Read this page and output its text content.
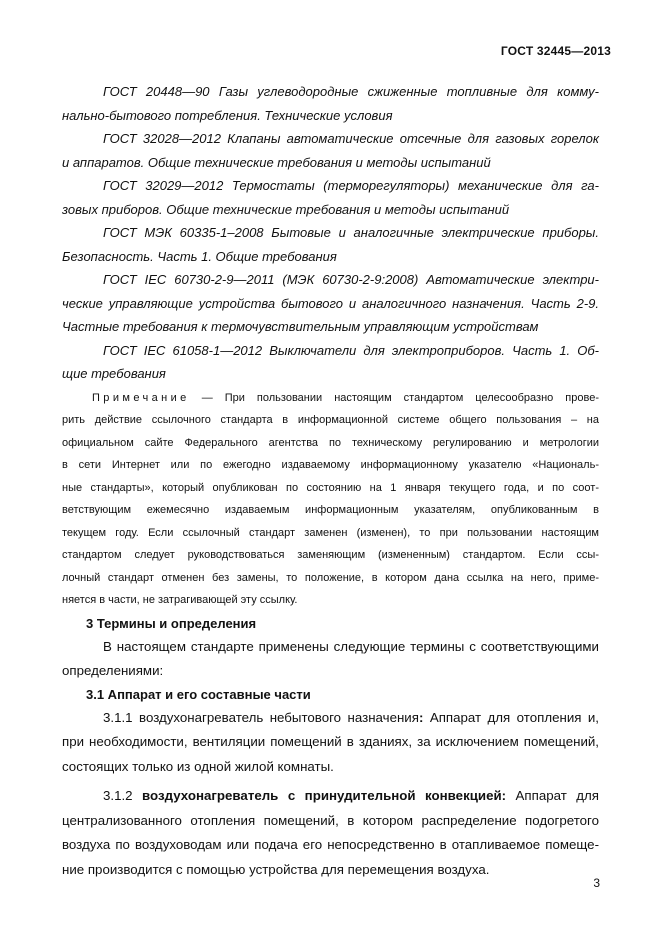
ГОСТ 32445—2013

ГОСТ 20448—90 Газы углеводородные сжиженные топливные для комму-
нально-бытового потребления. Технические условия

ГОСТ 32028—2012 Клапаны автоматические отсечные для газовых горелок
и аппаратов. Общие технические требования и методы испытаний

ГОСТ 32029—2012 Термостаты (терморегуляторы) механические для га-
зовых приборов. Общие технические требования и методы испытаний

ГОСТ МЭК 60335-1–2008 Бытовые и аналогичные электрические приборы.
Безопасность. Часть 1. Общие требования

ГОСТ IEC 60730-2-9—2011 (МЭК 60730-2-9:2008) Автоматические электри-
ческие управляющие устройства бытового и аналогичного назначения. Часть 2-9.
Частные требования к термочувствительным управляющим устройствам

ГОСТ IEC 61058-1—2012 Выключатели для электроприборов. Часть 1. Об-
щие требования

Примечание — При пользовании настоящим стандартом целесообразно прове-
рить действие ссылочного стандарта в информационной системе общего пользования – на
официальном сайте Федерального агентства по техническому регулированию и метрологии
в сети Интернет или по ежегодно издаваемому информационному указателю «Националь-
ные стандарты», который опубликован по состоянию на 1 января текущего года, и по соот-
ветствующим ежемесячно издаваемым информационным указателям, опубликованным в
текущем году. Если ссылочный стандарт заменен (изменен), то при пользовании настоящим
стандартом следует руководствоваться заменяющим (измененным) стандартом. Если ссы-
лочный стандарт отменен без замены, то положение, в котором дана ссылка на него, приме-
няется в части, не затрагивающей эту ссылку.

3 Термины и определения

В настоящем стандарте применены следующие термины с соответствующими
определениями:

3.1 Аппарат и его составные части

3.1.1 воздухонагреватель небытового назначения: Аппарат для отопления и,
при необходимости, вентиляции помещений в зданиях, за исключением помещений,
состоящих только из одной жилой комнаты.
3.1.2 воздухонагреватель с принудительной конвекцией: Аппарат для
централизованного отопления помещений, в котором распределение подогретого
воздуха по воздуховодам или подача его непосредственно в отапливаемое помеще-
ние производится с помощью устройства для перемещения воздуха.
3
